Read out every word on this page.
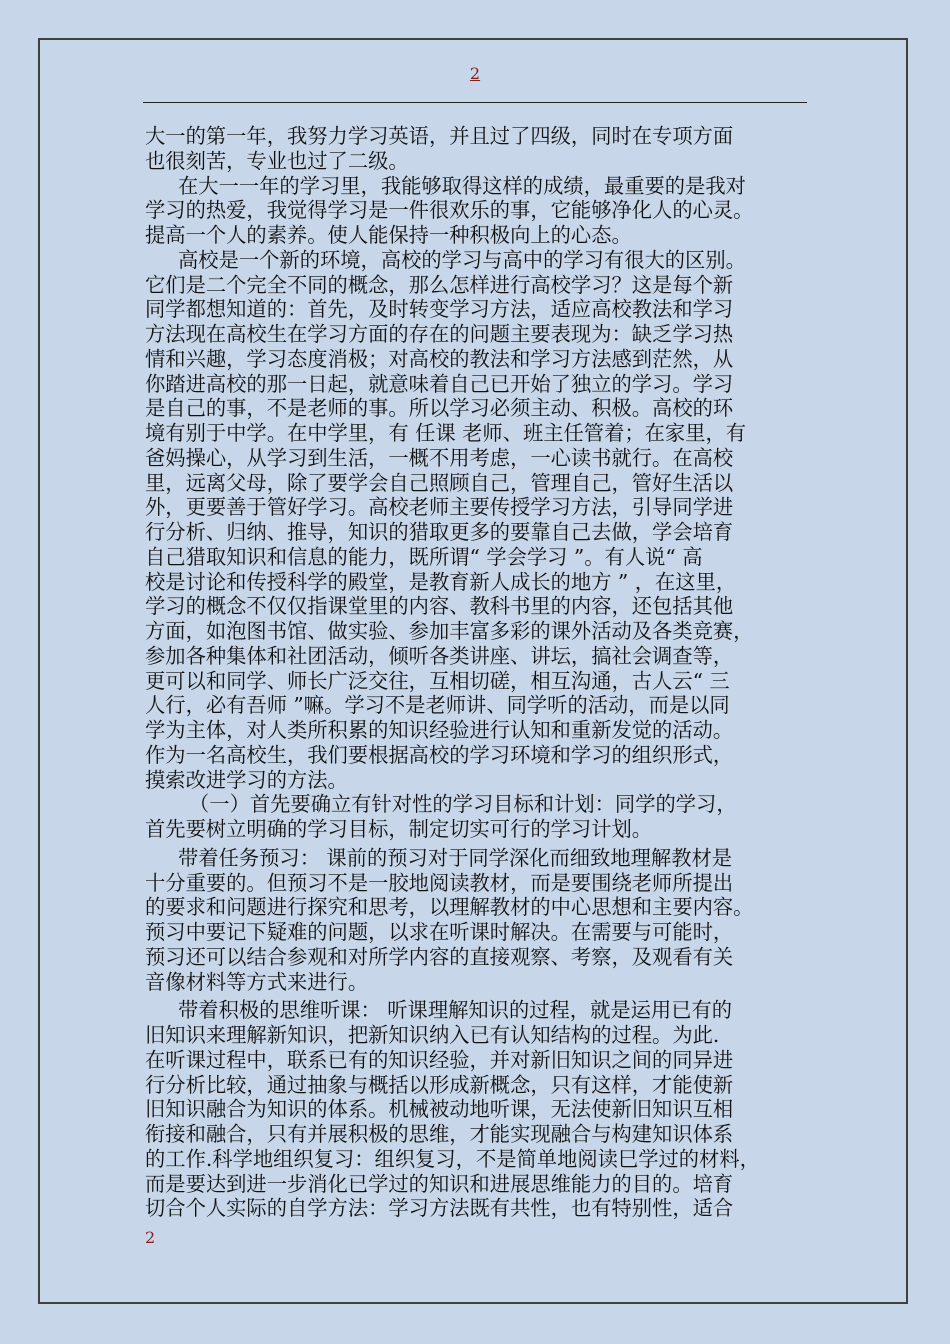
2

大一的第一年，我努力学习英语，并且过了四级，同时在专项方面
也很刻苦，专业也过了二级。

在大一一年的学习里，我能够取得这样的成绩，最重要的是我对
学习的热爱，我觉得学习是一件很欢乐的事，它能够净化人的心灵。
提高一个人的素养。使人能保持一种积极向上的心态。

高校是一个新的环境，高校的学习与高中的学习有很大的区别。
它们是二个完全不同的概念，那么怎样进行高校学习？这是每个新
同学都想知道的：首先，及时转变学习方法，适应高校教法和学习
方法现在高校生在学习方面的存在的问题主要表现为：缺乏学习热
情和兴趣，学习态度消极；对高校的教法和学习方法感到茫然，从
你踏进高校的那一日起，就意味着自己已开始了独立的学习。学习
是自己的事，不是老师的事。所以学习必须主动、积极。高校的环
境有别于中学。在中学里，有 任课 老师、班主任管着；在家里，有
爸妈操心，从学习到生活，一概不用考虑，一心读书就行。在高校
里，远离父母，除了要学会自己照顾自己，管理自己，管好生活以
外，更要善于管好学习。高校老师主要传授学习方法，引导同学进
行分析、归纳、推导，知识的猎取更多的要靠自己去做，学会培育
自己猎取知识和信息的能力，既所谓“ 学会学习 ”。有人说“ 高
校是讨论和传授科学的殿堂，是教育新人成长的地方 ” ，在这里，
学习的概念不仅仅指课堂里的内容、教科书里的内容，还包括其他
方面，如泡图书馆、做实验、参加丰富多彩的课外活动及各类竞赛，
参加各种集体和社团活动，倾听各类讲座、讲坛，搞社会调查等，
更可以和同学、师长广泛交往，互相切磋，相互沟通，古人云“ 三
人行，必有吾师 ”嘛。学习不是老师讲、同学听的活动，而是以同
学为主体，对人类所积累的知识经验进行认知和重新发觉的活动。
作为一名高校生，我们要根据高校的学习环境和学习的组织形式，
摸索改进学习的方法。

（一）首先要确立有针对性的学习目标和计划：同学的学习，
首先要树立明确的学习目标，制定切实可行的学习计划。

带着任务预习： 课前的预习对于同学深化而细致地理解教材是
十分重要的。但预习不是一胶地阅读教材，而是要围绕老师所提出
的要求和问题进行探究和思考，以理解教材的中心思想和主要内容。
预习中要记下疑难的问题，以求在听课时解决。在需要与可能时，
预习还可以结合参观和对所学内容的直接观察、考察，及观看有关
音像材料等方式来进行。

带着积极的思维听课： 听课理解知识的过程，就是运用已有的
旧知识来理解新知识，把新知识纳入已有认知结构的过程。为此.
在听课过程中，联系已有的知识经验，并对新旧知识之间的同异进
行分析比较，通过抽象与概括以形成新概念，只有这样，才能使新
旧知识融合为知识的体系。机械被动地听课，无法使新旧知识互相
衔接和融合，只有并展积极的思维，才能实现融合与构建知识体系
的工作.科学地组织复习：组织复习，不是简单地阅读巳学过的材料，
而是要达到进一步消化已学过的知识和进展思维能力的目的。培育
切合个人实际的自学方法：学习方法既有共性，也有特别性，适合

2
